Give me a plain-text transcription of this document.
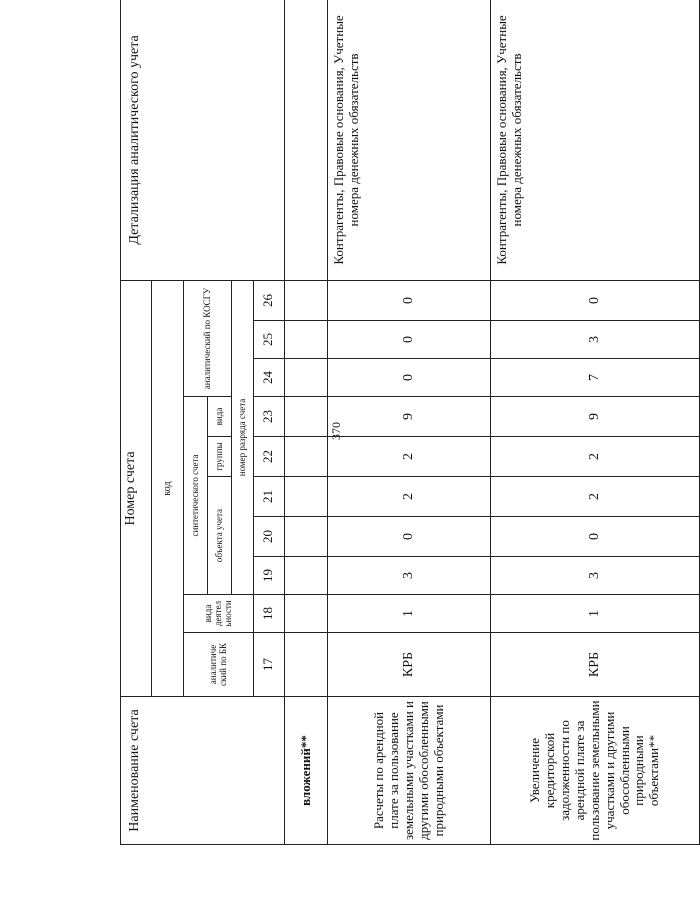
370
Наименование счета	Номер счета										Детализация аналитического учета
	код										
	аналитиче ский по БК	вида деятел ьности	синтетического счета					аналитический по КОСГУ			
			объекта учета			группы	вида				
			номер разряда счета								
	17	18	19	20	21	22	23	24	25	26	
вложений**											
Расчеты по арендной плате за пользование земельными участками и другими обособленными природными объектами	КРБ	1	3	0	2	2	9	0	0	0	Контрагенты, Правовые основания, Учетные номера денежных обязательств
Увеличение кредиторской задолженности по арендной плате за пользование земельными участками и другими обособленными природными объектами**	КРБ	1	3	0	2	2	9	7	3	0	Контрагенты, Правовые основания, Учетные номера денежных обязательств
